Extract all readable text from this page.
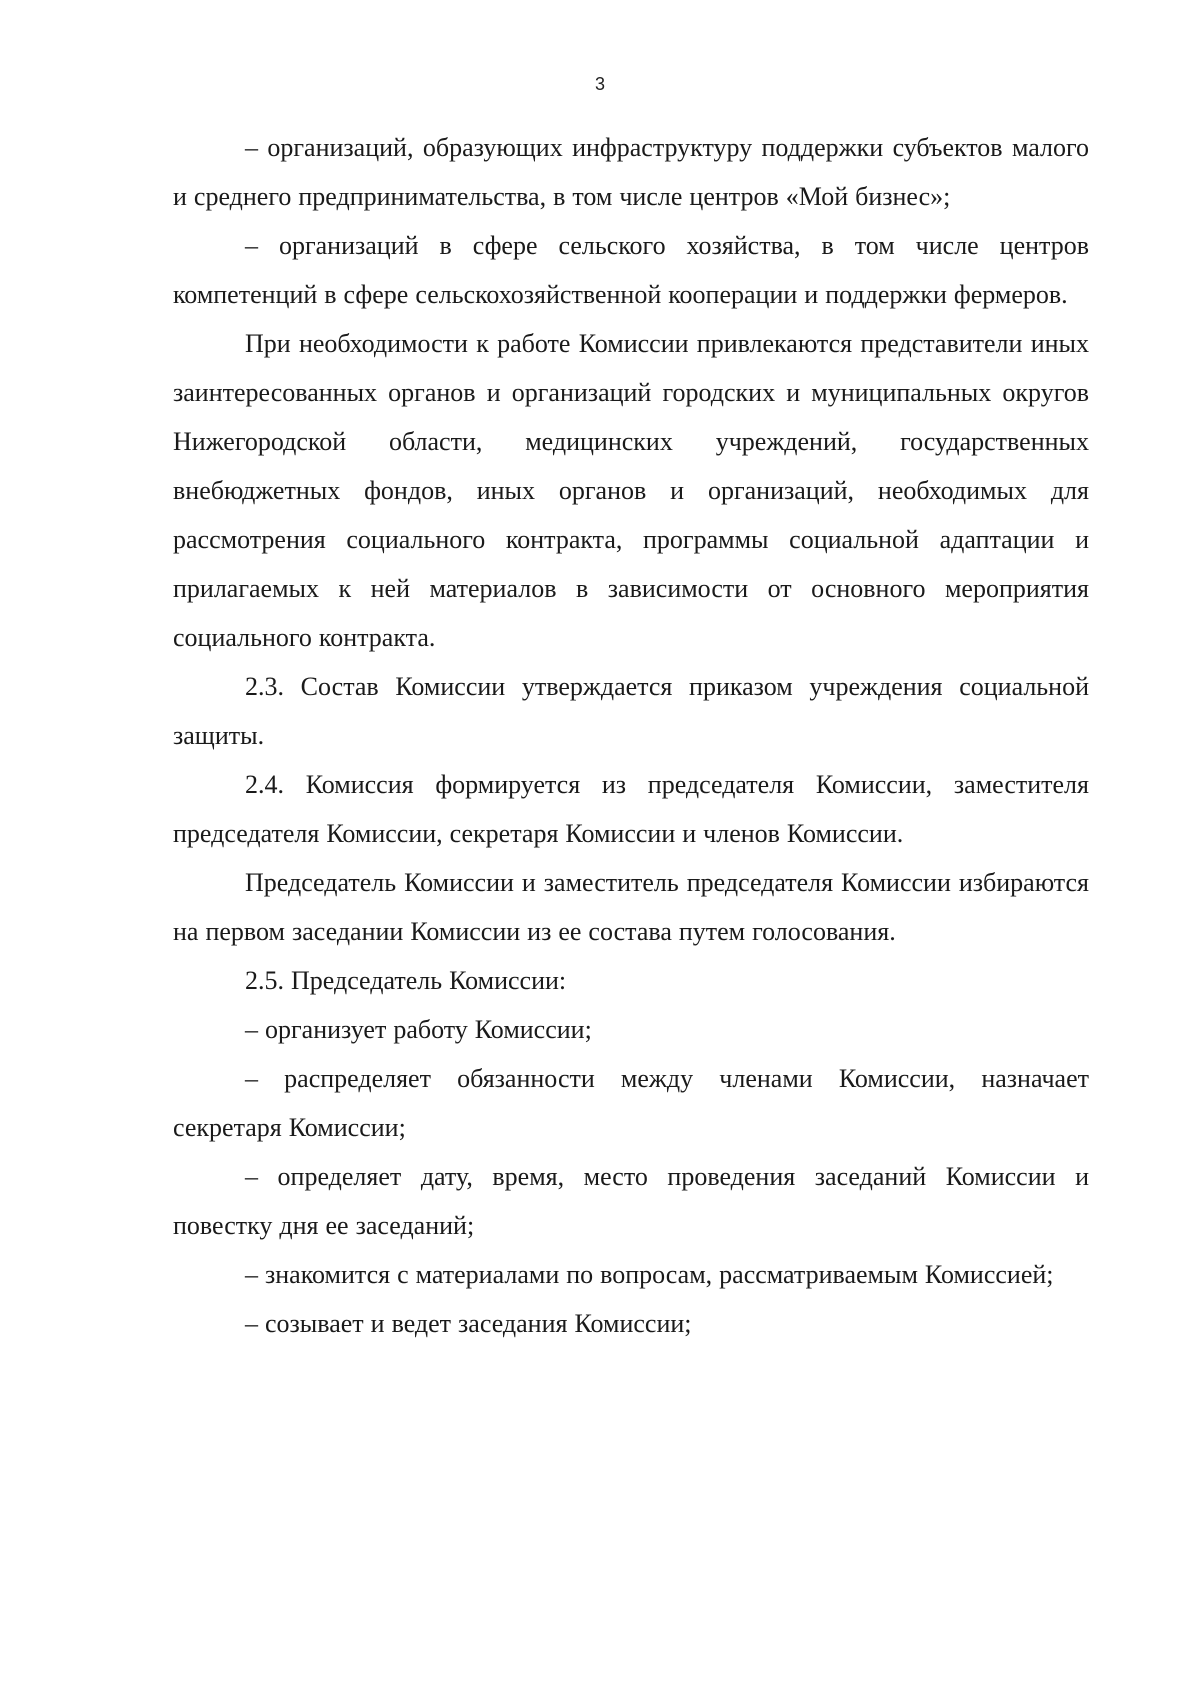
3

– организаций, образующих инфраструктуру поддержки субъектов малого и среднего предпринимательства, в том числе центров «Мой бизнес»;

– организаций в сфере сельского хозяйства, в том числе центров компетенций в сфере сельскохозяйственной кооперации и поддержки фермеров.

При необходимости к работе Комиссии привлекаются представители иных заинтересованных органов и организаций городских и муниципальных округов Нижегородской области, медицинских учреждений, государственных внебюджетных фондов, иных органов и организаций, необходимых для рассмотрения социального контракта, программы социальной адаптации и прилагаемых к ней материалов в зависимости от основного мероприятия социального контракта.

2.3. Состав Комиссии утверждается приказом учреждения социальной защиты.

2.4. Комиссия формируется из председателя Комиссии, заместителя председателя Комиссии, секретаря Комиссии и членов Комиссии.

Председатель Комиссии и заместитель председателя Комиссии избираются на первом заседании Комиссии из ее состава путем голосования.

2.5. Председатель Комиссии:

– организует работу Комиссии;

– распределяет обязанности между членами Комиссии, назначает секретаря Комиссии;

– определяет дату, время, место проведения заседаний Комиссии и повестку дня ее заседаний;

– знакомится с материалами по вопросам, рассматриваемым Комиссией;

– созывает и ведет заседания Комиссии;
